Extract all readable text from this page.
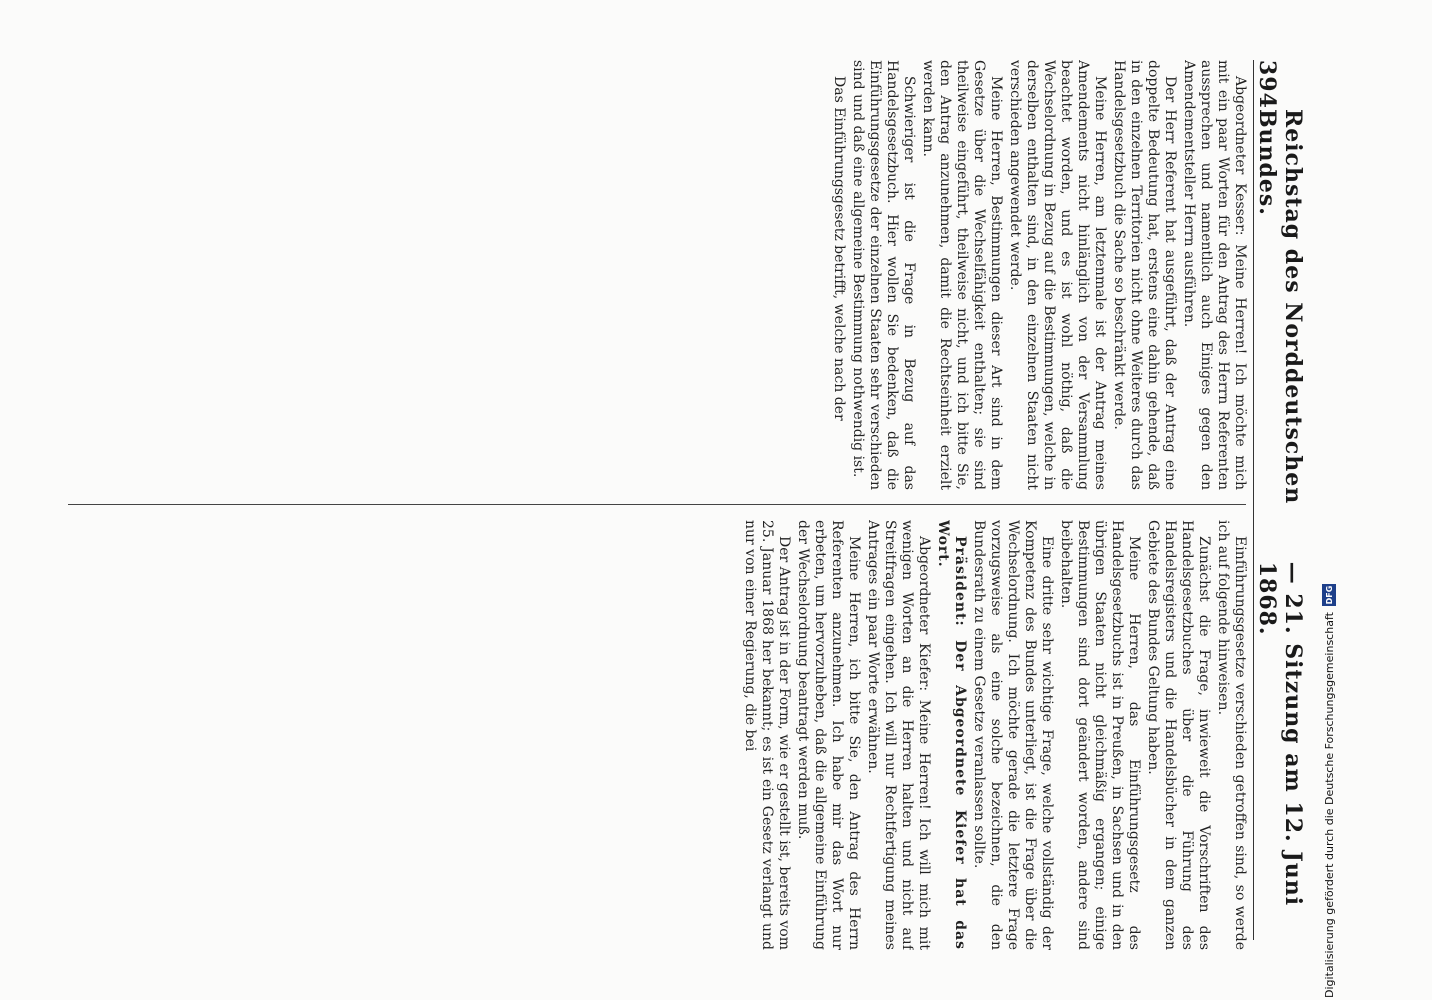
394
Reichstag des Norddeutschen Bundes.
— 21. Sitzung am 12. Juni 1868.

Abgeordneter Kesser: Meine Herren! Ich möchte mich mit ein paar Worten für den Antrag des Herrn Referenten aussprechen und namentlich auch Einiges gegen den Amendementsteller Herrn ausführen.

Der Herr Referent hat ausgeführt, daß der Antrag eine doppelte Bedeutung hat, erstens eine dahin gehende, daß in den einzelnen Territorien nicht ohne Weiteres durch das Handelsgesetzbuch die Sache so beschränkt werde.

Meine Herren, am letztenmale ist der Antrag meines Amendements nicht hinlänglich von der Versammlung beachtet worden, und es ist wohl nöthig, daß die Wechselordnung in Bezug auf die Bestimmungen, welche in derselben enthalten sind, in den einzelnen Staaten nicht verschieden angewendet werde.

Meine Herren, Bestimmungen dieser Art sind in dem Gesetze über die Wechselfähigkeit enthalten; sie sind theilweise eingeführt, theilweise nicht, und ich bitte Sie, den Antrag anzunehmen, damit die Rechtseinheit erzielt werden kann.

Schwieriger ist die Frage in Bezug auf das Handelsgesetzbuch. Hier wollen Sie bedenken, daß die Einführungsgesetze der einzelnen Staaten sehr verschieden sind und daß eine allgemeine Bestimmung nothwendig ist.

Das Einführungsgesetz betrifft, welche nach der

Einführungsgesetze verschieden getroffen sind, so werde ich auf folgende hinweisen.

Zunächst die Frage, inwieweit die Vorschriften des Handelsgesetzbuches über die Führung des Handelsregisters und die Handelsbücher in dem ganzen Gebiete des Bundes Geltung haben.

Meine Herren, das Einführungsgesetz des Handelsgesetzbuchs ist in Preußen, in Sachsen und in den übrigen Staaten nicht gleichmäßig ergangen; einige Bestimmungen sind dort geändert worden, andere sind beibehalten.

Eine dritte sehr wichtige Frage, welche vollständig der Kompetenz des Bundes unterliegt, ist die Frage über die Wechselordnung. Ich möchte gerade die letztere Frage vorzugsweise als eine solche bezeichnen, die den Bundesrath zu einem Gesetze veranlassen sollte.

Präsident: Der Abgeordnete Kiefer hat das Wort.

Abgeordneter Kiefer: Meine Herren! Ich will mich mit wenigen Worten an die Herren halten und nicht auf Streitfragen eingehen. Ich will nur Rechtfertigung meines Antrages ein paar Worte erwähnen.

Meine Herren, ich bitte Sie, den Antrag des Herrn Referenten anzunehmen. Ich habe mir das Wort nur erbeten, um hervorzuheben, daß die allgemeine Einführung der Wechselordnung beantragt werden muß.

Der Antrag ist in der Form, wie er gestellt ist, bereits vom 25. Januar 1868 her bekannt; es ist ein Gesetz verlangt und nur von einer Regierung, die bei	Digitalisierung gefördert durch die Deutsche Forschungsgemeinschaft
DFG
